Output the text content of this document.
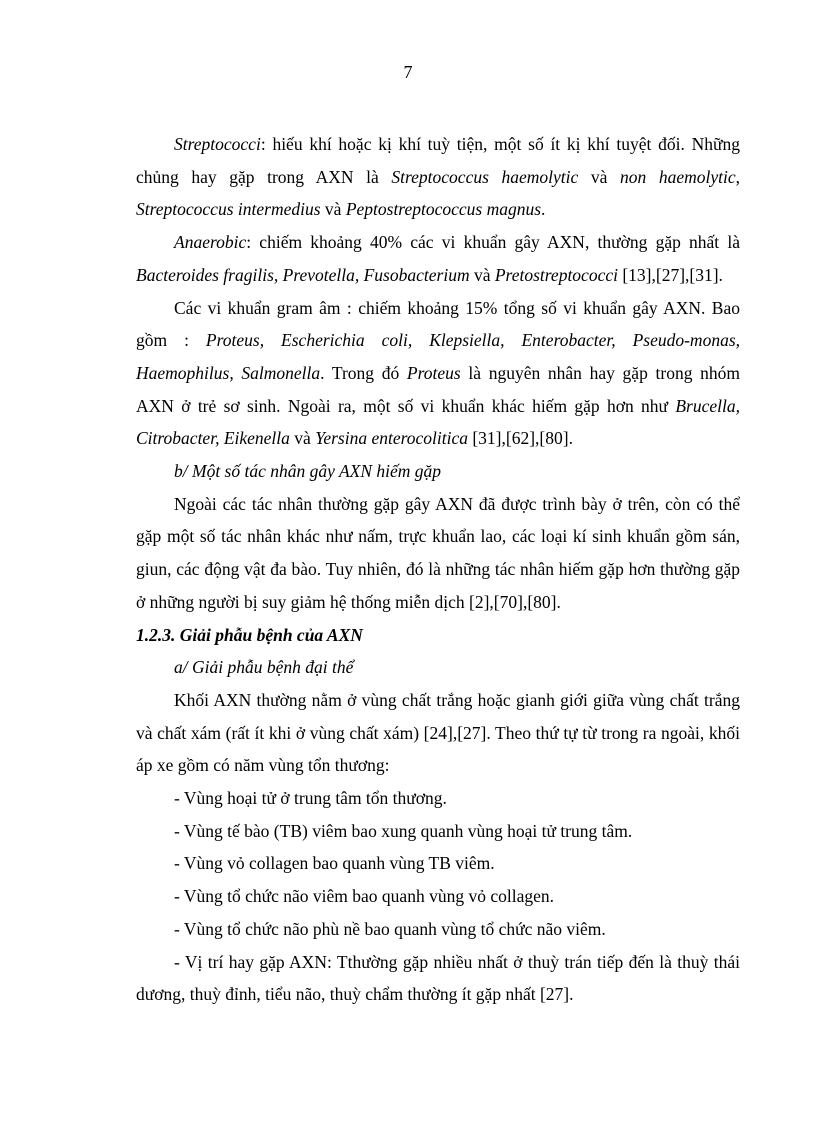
7

Streptococci: hiếu khí hoặc kị khí tuỳ tiện, một số ít kị khí tuyệt đối. Những chủng hay gặp trong AXN là Streptococcus haemolytic và non haemolytic, Streptococcus intermedius và Peptostreptococcus magnus.

Anaerobic: chiếm khoảng 40% các vi khuẩn gây AXN, thường gặp nhất là Bacteroides fragilis, Prevotella, Fusobacterium và Pretostreptococci [13],[27],[31].

Các vi khuẩn gram âm : chiếm khoảng 15% tổng số vi khuẩn gây AXN. Bao gồm : Proteus, Escherichia coli, Klepsiella, Enterobacter, Pseudo-monas, Haemophilus, Salmonella. Trong đó Proteus là nguyên nhân hay gặp trong nhóm AXN ở trẻ sơ sinh. Ngoài ra, một số vi khuẩn khác hiếm gặp hơn như Brucella, Citrobacter, Eikenella và Yersina enterocolitica [31],[62],[80].

b/ Một số tác nhân gây AXN hiếm gặp

Ngoài các tác nhân thường gặp gây AXN đã được trình bày ở trên, còn có thể gặp một số tác nhân khác như nấm, trực khuẩn lao, các loại kí sinh khuẩn gồm sán, giun, các động vật đa bào. Tuy nhiên, đó là những tác nhân hiếm gặp hơn thường gặp ở những người bị suy giảm hệ thống miễn dịch [2],[70],[80].

1.2.3. Giải phẫu bệnh của AXN

a/ Giải phẫu bệnh đại thể

Khối AXN thường nằm ở vùng chất trắng hoặc gianh giới giữa vùng chất trắng và chất xám (rất ít khi ở vùng chất xám) [24],[27]. Theo thứ tự từ trong ra ngoài, khối áp xe gồm có năm vùng tổn thương:

- Vùng hoại tử ở trung tâm tổn thương.

- Vùng tế bào (TB) viêm bao xung quanh vùng hoại tử trung tâm.

- Vùng vỏ collagen bao quanh vùng TB viêm.

- Vùng tổ chức não viêm bao quanh vùng vỏ collagen.

- Vùng tổ chức não phù nề bao quanh vùng tổ chức não viêm.

- Vị trí hay gặp AXN: Tthường gặp nhiều nhất ở thuỳ trán tiếp đến là thuỳ thái dương, thuỳ đỉnh, tiểu não, thuỳ chẩm thường ít gặp nhất [27].
